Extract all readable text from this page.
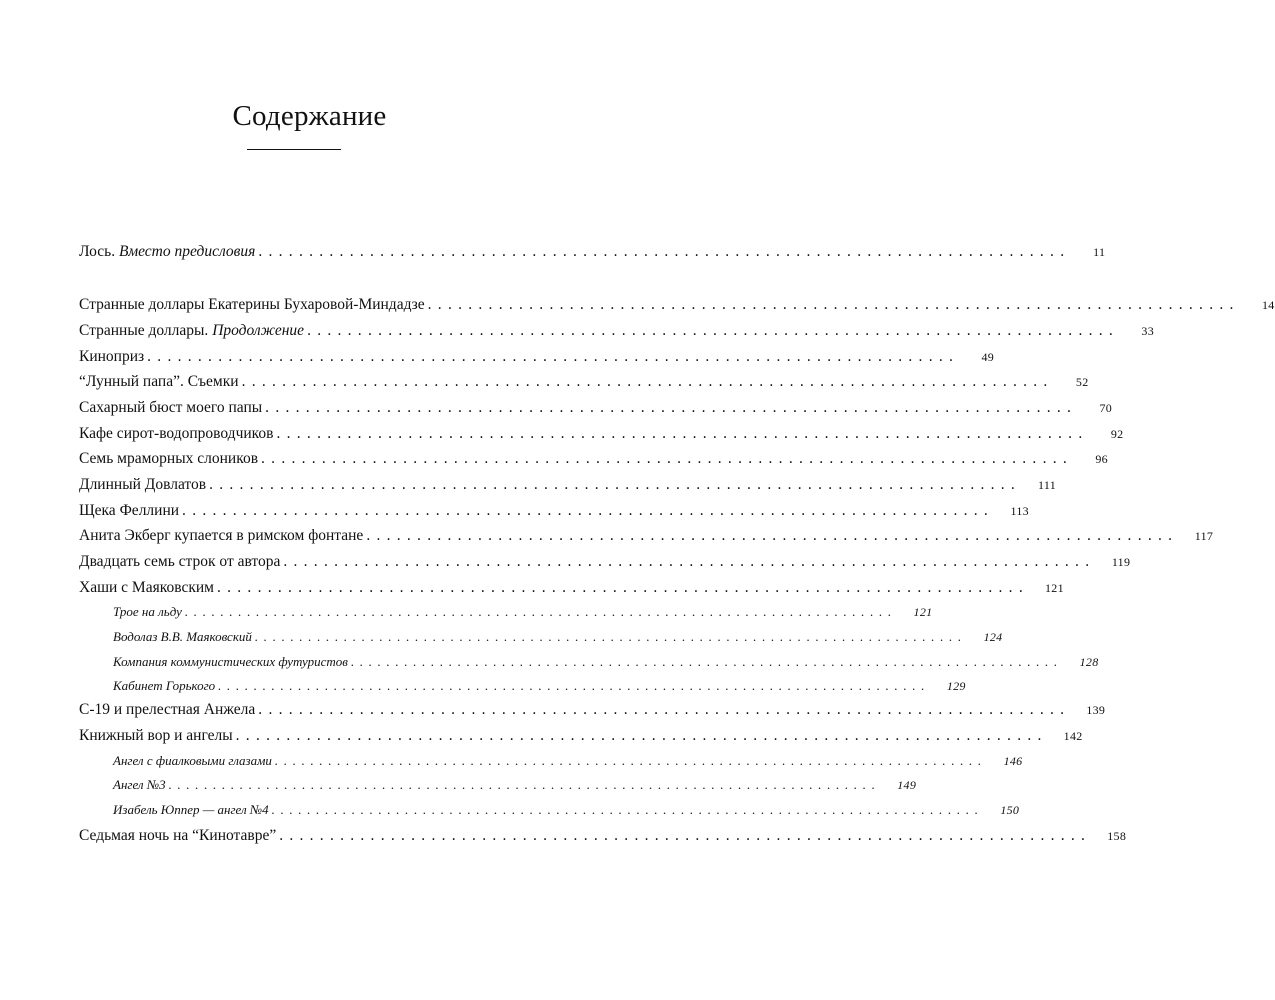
Содержание
Лось. Вместо предисловия . . . . . . . . . . . . . . . . . . . . . . . . . . . . . . . . . . . . . . . . . . . . . . . . . . . . . . . . . . . . . . . . . . . . . . . . . . . . . . . .	11
Странные доллары Екатерины Бухаровой-Миндадзе . . . . . . . . . . . . . . . . . . . . . . . . . . . . . . . . . . . . . . . . . . . . . . . . . . . . . . . . . . . . . . . . . . . . . . . . . . . . . . . .	14
Странные доллары. Продолжение . . . . . . . . . . . . . . . . . . . . . . . . . . . . . . . . . . . . . . . . . . . . . . . . . . . . . . . . . . . . . . . . . . . . . . . . . . . . . . . .	33
Киноприз . . . . . . . . . . . . . . . . . . . . . . . . . . . . . . . . . . . . . . . . . . . . . . . . . . . . . . . . . . . . . . . . . . . . . . . . . . . . . . . .	49
“Лунный папа”. Съемки . . . . . . . . . . . . . . . . . . . . . . . . . . . . . . . . . . . . . . . . . . . . . . . . . . . . . . . . . . . . . . . . . . . . . . . . . . . . . . . .	52
Сахарный бюст моего папы . . . . . . . . . . . . . . . . . . . . . . . . . . . . . . . . . . . . . . . . . . . . . . . . . . . . . . . . . . . . . . . . . . . . . . . . . . . . . . . .	70
Кафе сирот-водопроводчиков . . . . . . . . . . . . . . . . . . . . . . . . . . . . . . . . . . . . . . . . . . . . . . . . . . . . . . . . . . . . . . . . . . . . . . . . . . . . . . . .	92
Семь мраморных слоников . . . . . . . . . . . . . . . . . . . . . . . . . . . . . . . . . . . . . . . . . . . . . . . . . . . . . . . . . . . . . . . . . . . . . . . . . . . . . . . .	96
Длинный Довлатов . . . . . . . . . . . . . . . . . . . . . . . . . . . . . . . . . . . . . . . . . . . . . . . . . . . . . . . . . . . . . . . . . . . . . . . . . . . . . . . .	111
Щека Феллини . . . . . . . . . . . . . . . . . . . . . . . . . . . . . . . . . . . . . . . . . . . . . . . . . . . . . . . . . . . . . . . . . . . . . . . . . . . . . . . .	113
Анита Экберг купается в римском фонтане . . . . . . . . . . . . . . . . . . . . . . . . . . . . . . . . . . . . . . . . . . . . . . . . . . . . . . . . . . . . . . . . . . . . . . . . . . . . . . . .	117
Двадцать семь строк от автора . . . . . . . . . . . . . . . . . . . . . . . . . . . . . . . . . . . . . . . . . . . . . . . . . . . . . . . . . . . . . . . . . . . . . . . . . . . . . . . .	119
Хаши с Маяковским . . . . . . . . . . . . . . . . . . . . . . . . . . . . . . . . . . . . . . . . . . . . . . . . . . . . . . . . . . . . . . . . . . . . . . . . . . . . . . . .	121
Трое на льду . . . . . . . . . . . . . . . . . . . . . . . . . . . . . . . . . . . . . . . . . . . . . . . . . . . . . . . . . . . . . . . . . . . . . . . . . . . . . . . .	121
Водолаз В.В. Маяковский . . . . . . . . . . . . . . . . . . . . . . . . . . . . . . . . . . . . . . . . . . . . . . . . . . . . . . . . . . . . . . . . . . . . . . . . . . . . . . . .	124
Компания коммунистических футуристов . . . . . . . . . . . . . . . . . . . . . . . . . . . . . . . . . . . . . . . . . . . . . . . . . . . . . . . . . . . . . . . . . . . . . . . . . . . . . . . .	128
Кабинет Горького . . . . . . . . . . . . . . . . . . . . . . . . . . . . . . . . . . . . . . . . . . . . . . . . . . . . . . . . . . . . . . . . . . . . . . . . . . . . . . . .	129
С-19 и прелестная Анжела . . . . . . . . . . . . . . . . . . . . . . . . . . . . . . . . . . . . . . . . . . . . . . . . . . . . . . . . . . . . . . . . . . . . . . . . . . . . . . . .	139
Книжный вор и ангелы . . . . . . . . . . . . . . . . . . . . . . . . . . . . . . . . . . . . . . . . . . . . . . . . . . . . . . . . . . . . . . . . . . . . . . . . . . . . . . . .	142
Ангел с фиалковыми глазами . . . . . . . . . . . . . . . . . . . . . . . . . . . . . . . . . . . . . . . . . . . . . . . . . . . . . . . . . . . . . . . . . . . . . . . . . . . . . . . .	146
Ангел №3 . . . . . . . . . . . . . . . . . . . . . . . . . . . . . . . . . . . . . . . . . . . . . . . . . . . . . . . . . . . . . . . . . . . . . . . . . . . . . . . .	149
Изабель Юппер — ангел №4 . . . . . . . . . . . . . . . . . . . . . . . . . . . . . . . . . . . . . . . . . . . . . . . . . . . . . . . . . . . . . . . . . . . . . . . . . . . . . . . .	150
Седьмая ночь на “Кинотавре” . . . . . . . . . . . . . . . . . . . . . . . . . . . . . . . . . . . . . . . . . . . . . . . . . . . . . . . . . . . . . . . . . . . . . . . . . . . . . . . .	158
